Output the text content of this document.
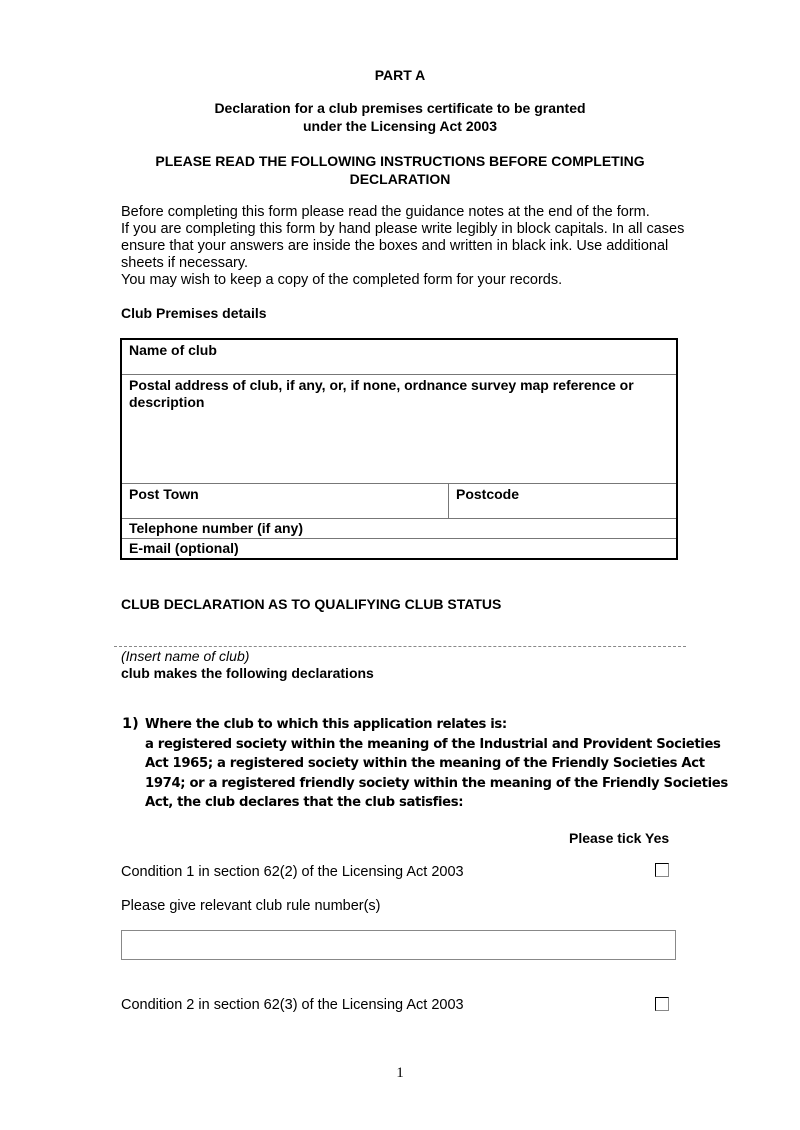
PART A
Declaration for a club premises certificate to be granted
under the Licensing Act 2003
PLEASE READ THE FOLLOWING INSTRUCTIONS BEFORE COMPLETING
DECLARATION

Before completing this form please read the guidance notes at the end of the form.

If you are completing this form by hand please write legibly in block capitals. In all cases ensure that your answers are inside the boxes and written in black ink. Use additional sheets if necessary.

You may wish to keep a copy of the completed form for your records.

Club Premises details
Name of club
Postal address of club, if any, or, if none, ordnance survey map reference or description
Post Town	Postcode
Telephone number (if any)
E-mail (optional)
CLUB DECLARATION AS TO QUALIFYING CLUB STATUS
(Insert name of club)
club makes the following declarations
1) Where the club to which this application relates is:
a registered society within the meaning of the Industrial and Provident Societies
Act 1965; a registered society within the meaning of the Friendly Societies Act
1974; or a registered friendly society within the meaning of the Friendly Societies
Act, the club declares that the club satisfies:
Please tick Yes
Condition 1 in section 62(2) of the Licensing Act 2003
Please give relevant club rule number(s)
Condition 2 in section 62(3) of the Licensing Act 2003
1
